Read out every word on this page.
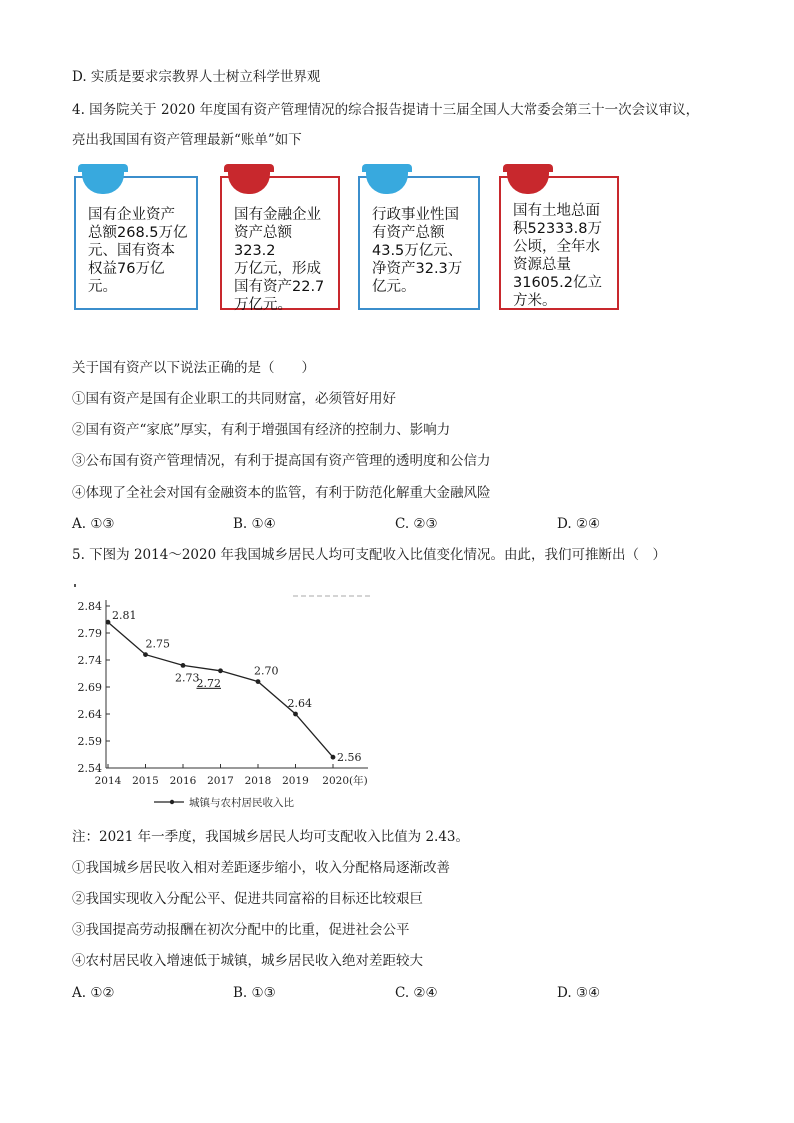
D. 实质是要求宗教界人士树立科学世界观
4. 国务院关于 2020 年度国有资产管理情况的综合报告提请十三届全国人大常委会第三十一次会议审议，
亮出我国国有资产管理最新“账单”如下
国有企业资产
总额268.5万亿
元、国有资本
权益76万亿元。
国有金融企业
资产总额323.2
万亿元，形成
国有资产22.7
万亿元。
行政事业性国
有资产总额
43.5万亿元、
净资产32.3万
亿元。
国有土地总面
积52333.8万
公顷，全年水
资源总量
31605.2亿立
方米。
关于国有资产以下说法正确的是（　　）
①国有资产是国有企业职工的共同财富，必须管好用好
②国有资产“家底”厚实，有利于增强国有经济的控制力、影响力
③公布国有资产管理情况，有利于提高国有资产管理的透明度和公信力
④体现了全社会对国有金融资本的监管，有利于防范化解重大金融风险
A. ①③	B. ①④	C. ②③	D. ②④
5. 下图为 2014～2020 年我国城乡居民人均可支配收入比值变化情况。由此，我们可推断出（　）
2.84
2.79
2.74
2.69
2.64
2.59
2.54
2014 2015 2016 2017 2018 2019 2020(年)
2.81
2.75
2.73
2.72
2.70
2.64
2.56
城镇与农村居民收入比
注：2021 年一季度，我国城乡居民人均可支配收入比值为 2.43。
①我国城乡居民收入相对差距逐步缩小，收入分配格局逐渐改善
②我国实现收入分配公平、促进共同富裕的目标还比较艰巨
③我国提高劳动报酬在初次分配中的比重，促进社会公平
④农村居民收入增速低于城镇，城乡居民收入绝对差距较大
A. ①②	B. ①③	C. ②④	D. ③④
